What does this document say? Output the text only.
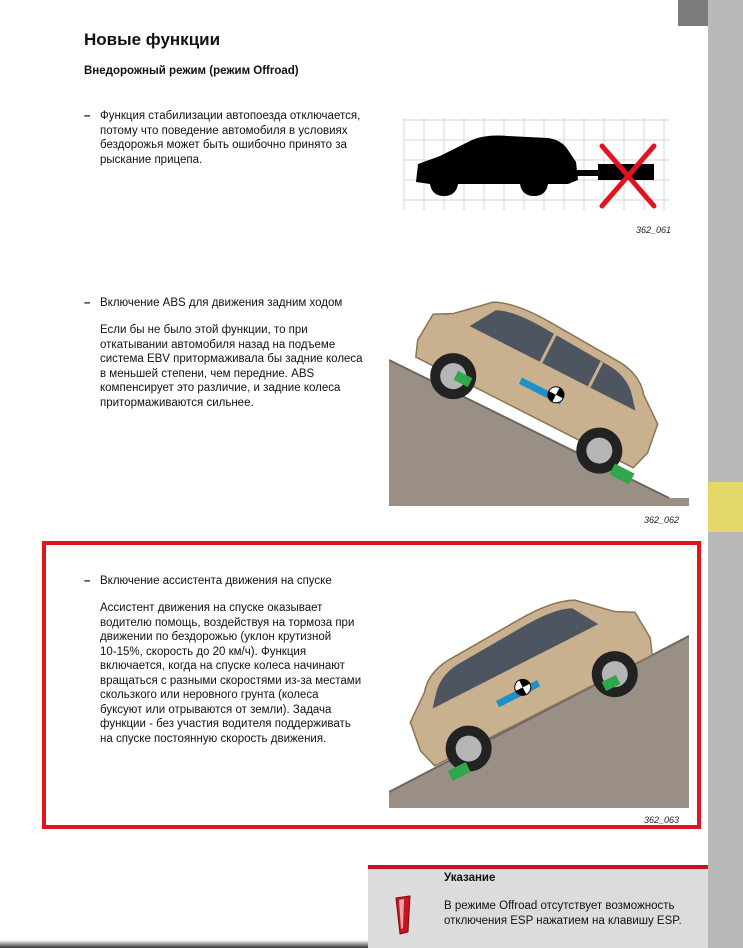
Новые функции
Внедорожный режим (режим Offroad)
– Функция стабилизации автопоезда отключается,
потому что поведение автомобиля в условиях
бездорожья может быть ошибочно принято за
рыскание прицепа.
362_061
– Включение ABS для движения задним ходом
Если бы не было этой функции, то при
откатывании автомобиля назад на подъеме
система EBV притормаживала бы задние колеса
в меньшей степени, чем передние. ABS
компенсирует это различие, и задние колеса
притормаживаются сильнее.
362_062
– Включение ассистента движения на спуске
Ассистент движения на спуске оказывает
водителю помощь, воздействуя на тормоза при
движении по бездорожью (уклон крутизной
10-15%, скорость до 20 км/ч). Функция
включается, когда на спуске колеса начинают
вращаться с разными скоростями из-за местами
скользкого или неровного грунта (колеса
буксуют или отрываются от земли). Задача
функции - без участия водителя поддерживать
на спуске постоянную скорость движения.
362_063
Указание
В режиме Offroad отсутствует возможность
отключения ESP нажатием на клавишу ESP.
